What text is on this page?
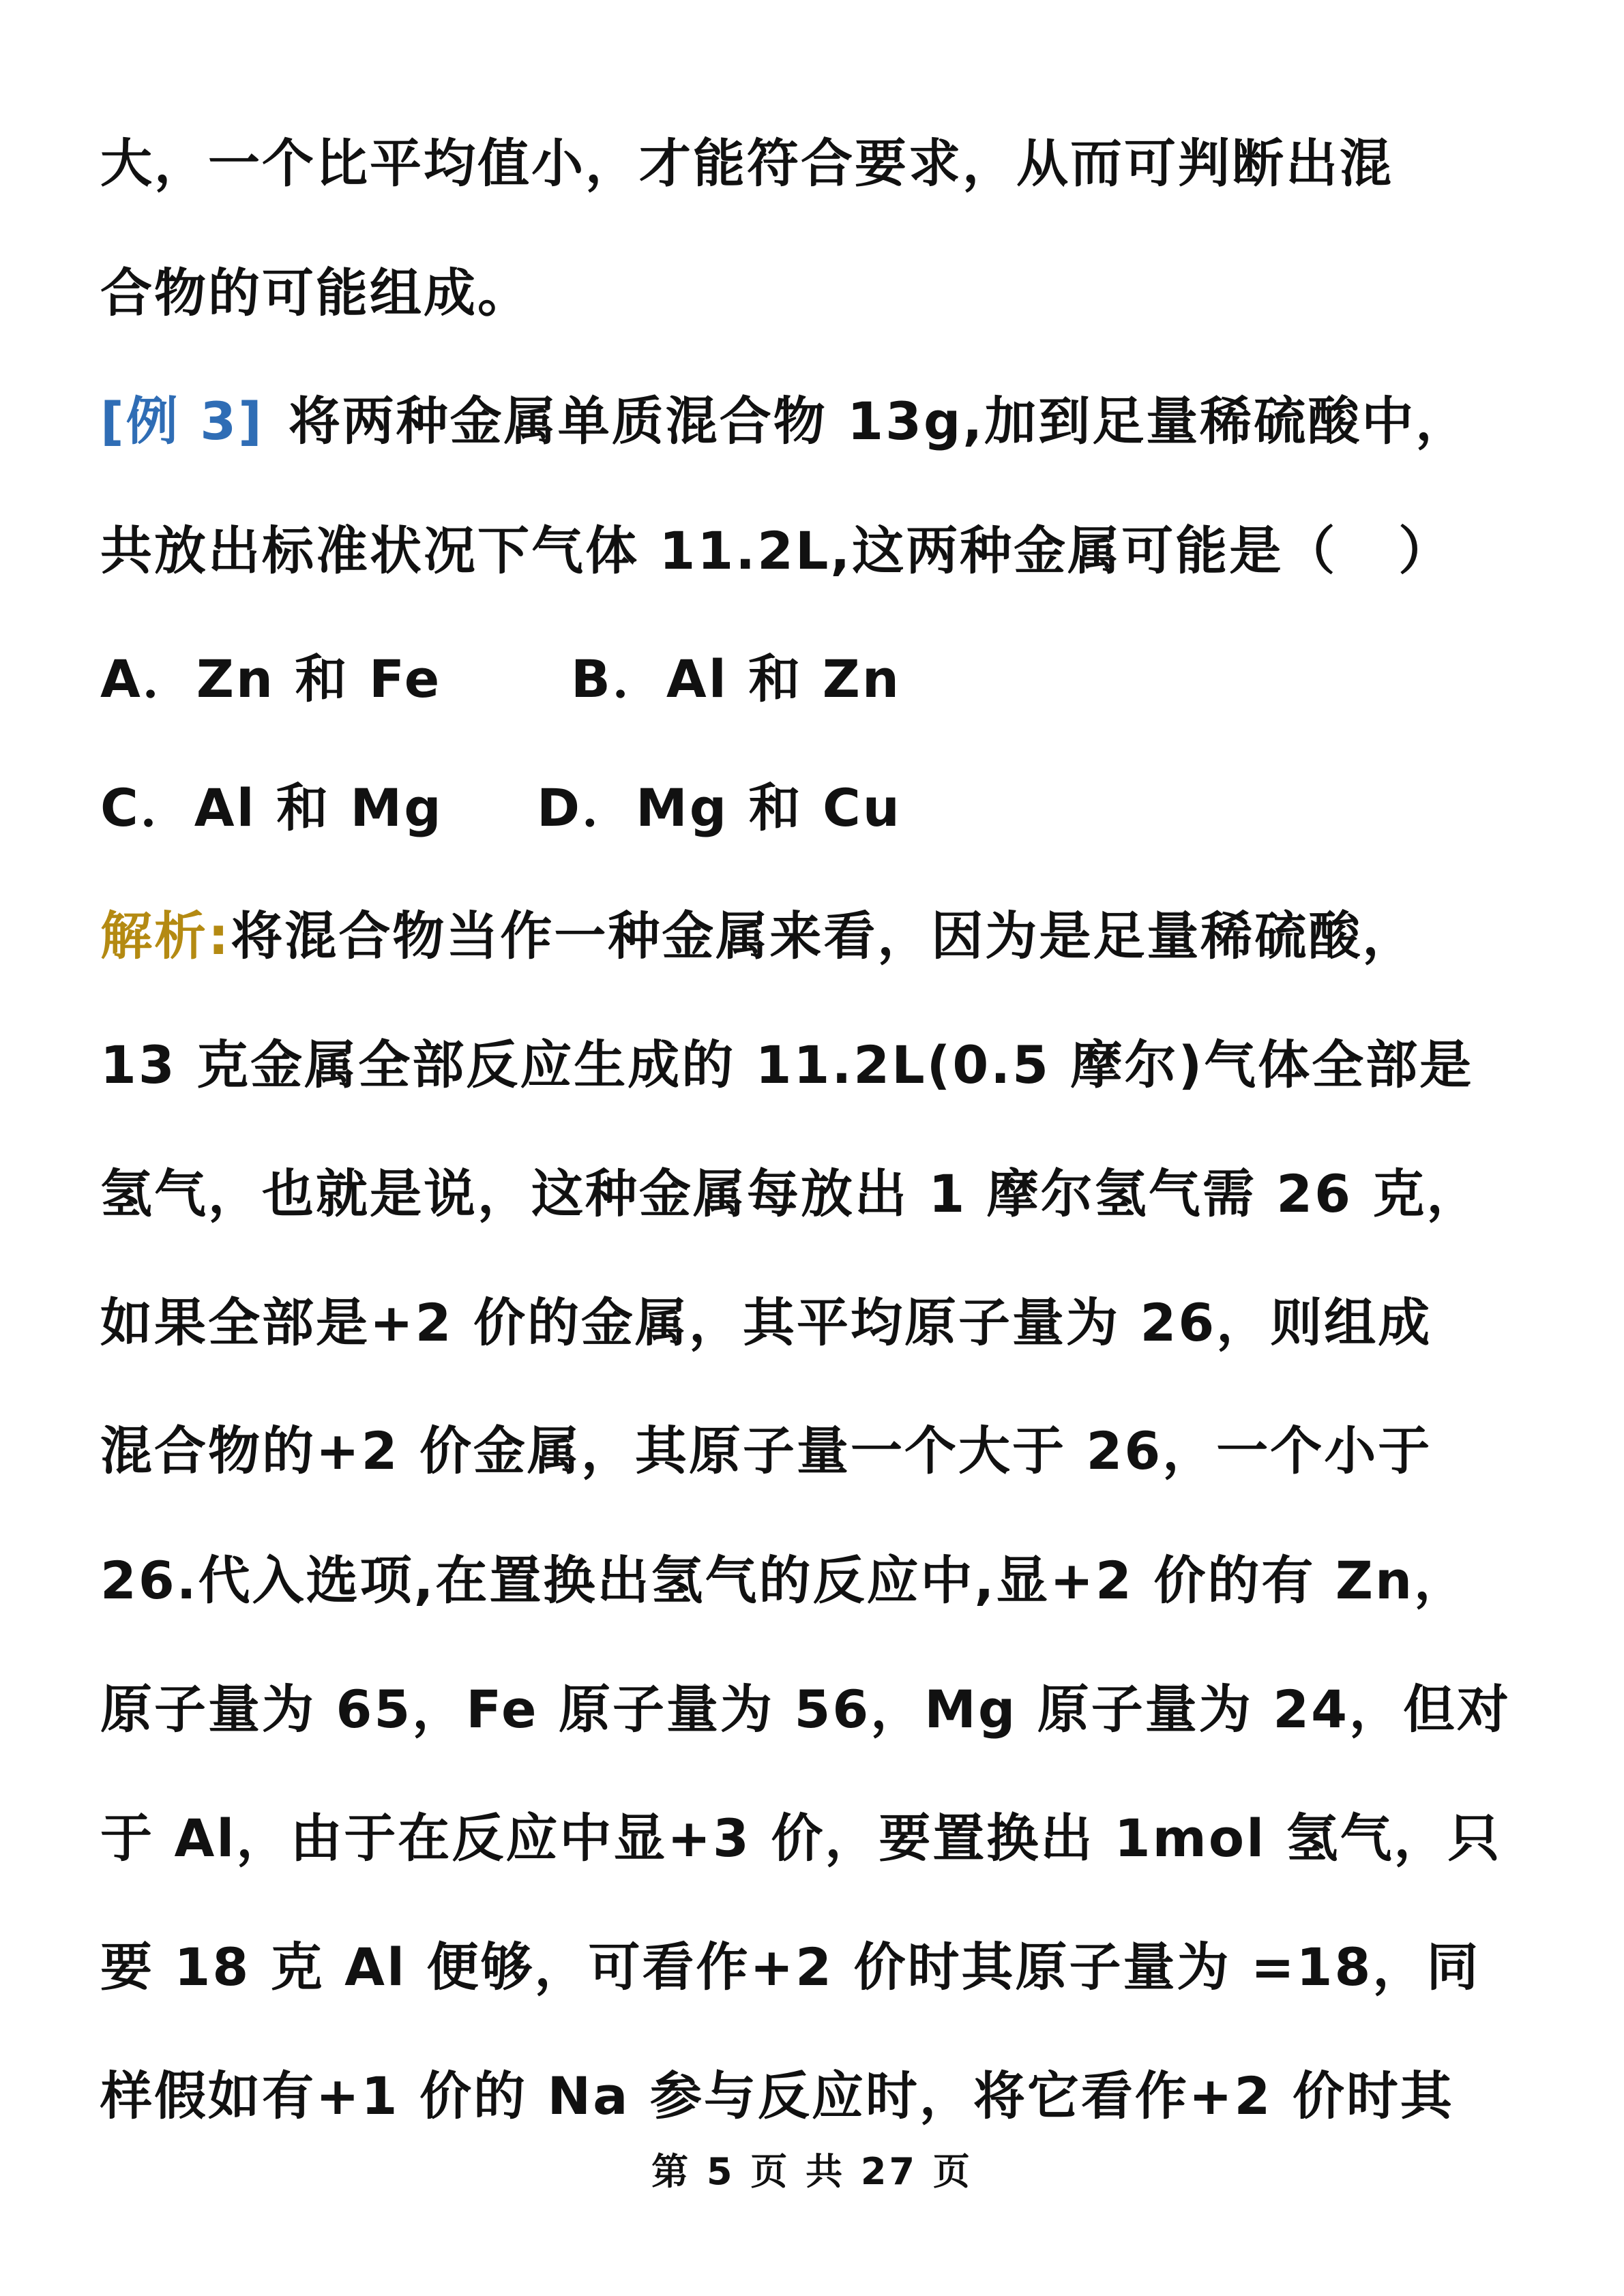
大，一个比平均值小，才能符合要求，从而可判断出混
合物的可能组成。
[例 3] 将两种金属单质混合物 13g,加到足量稀硫酸中，
共放出标准状况下气体 11.2L,这两种金属可能是（ ）
A．Zn 和 Fe B．Al 和 Zn
C．Al 和 Mg D．Mg 和 Cu
解析:将混合物当作一种金属来看，因为是足量稀硫酸，
13 克金属全部反应生成的 11.2L(0.5 摩尔)气体全部是
氢气，也就是说，这种金属每放出 1 摩尔氢气需 26 克，
如果全部是+2 价的金属，其平均原子量为 26，则组成
混合物的+2 价金属，其原子量一个大于 26，一个小于
26.代入选项,在置换出氢气的反应中,显+2 价的有 Zn，
原子量为 65，Fe 原子量为 56，Mg 原子量为 24，但对
于 Al，由于在反应中显+3 价，要置换出 1mol 氢气，只
要 18 克 Al 便够，可看作+2 价时其原子量为 =18，同
样假如有+1 价的 Na 参与反应时，将它看作+2 价时其
第 5 页 共 27 页
